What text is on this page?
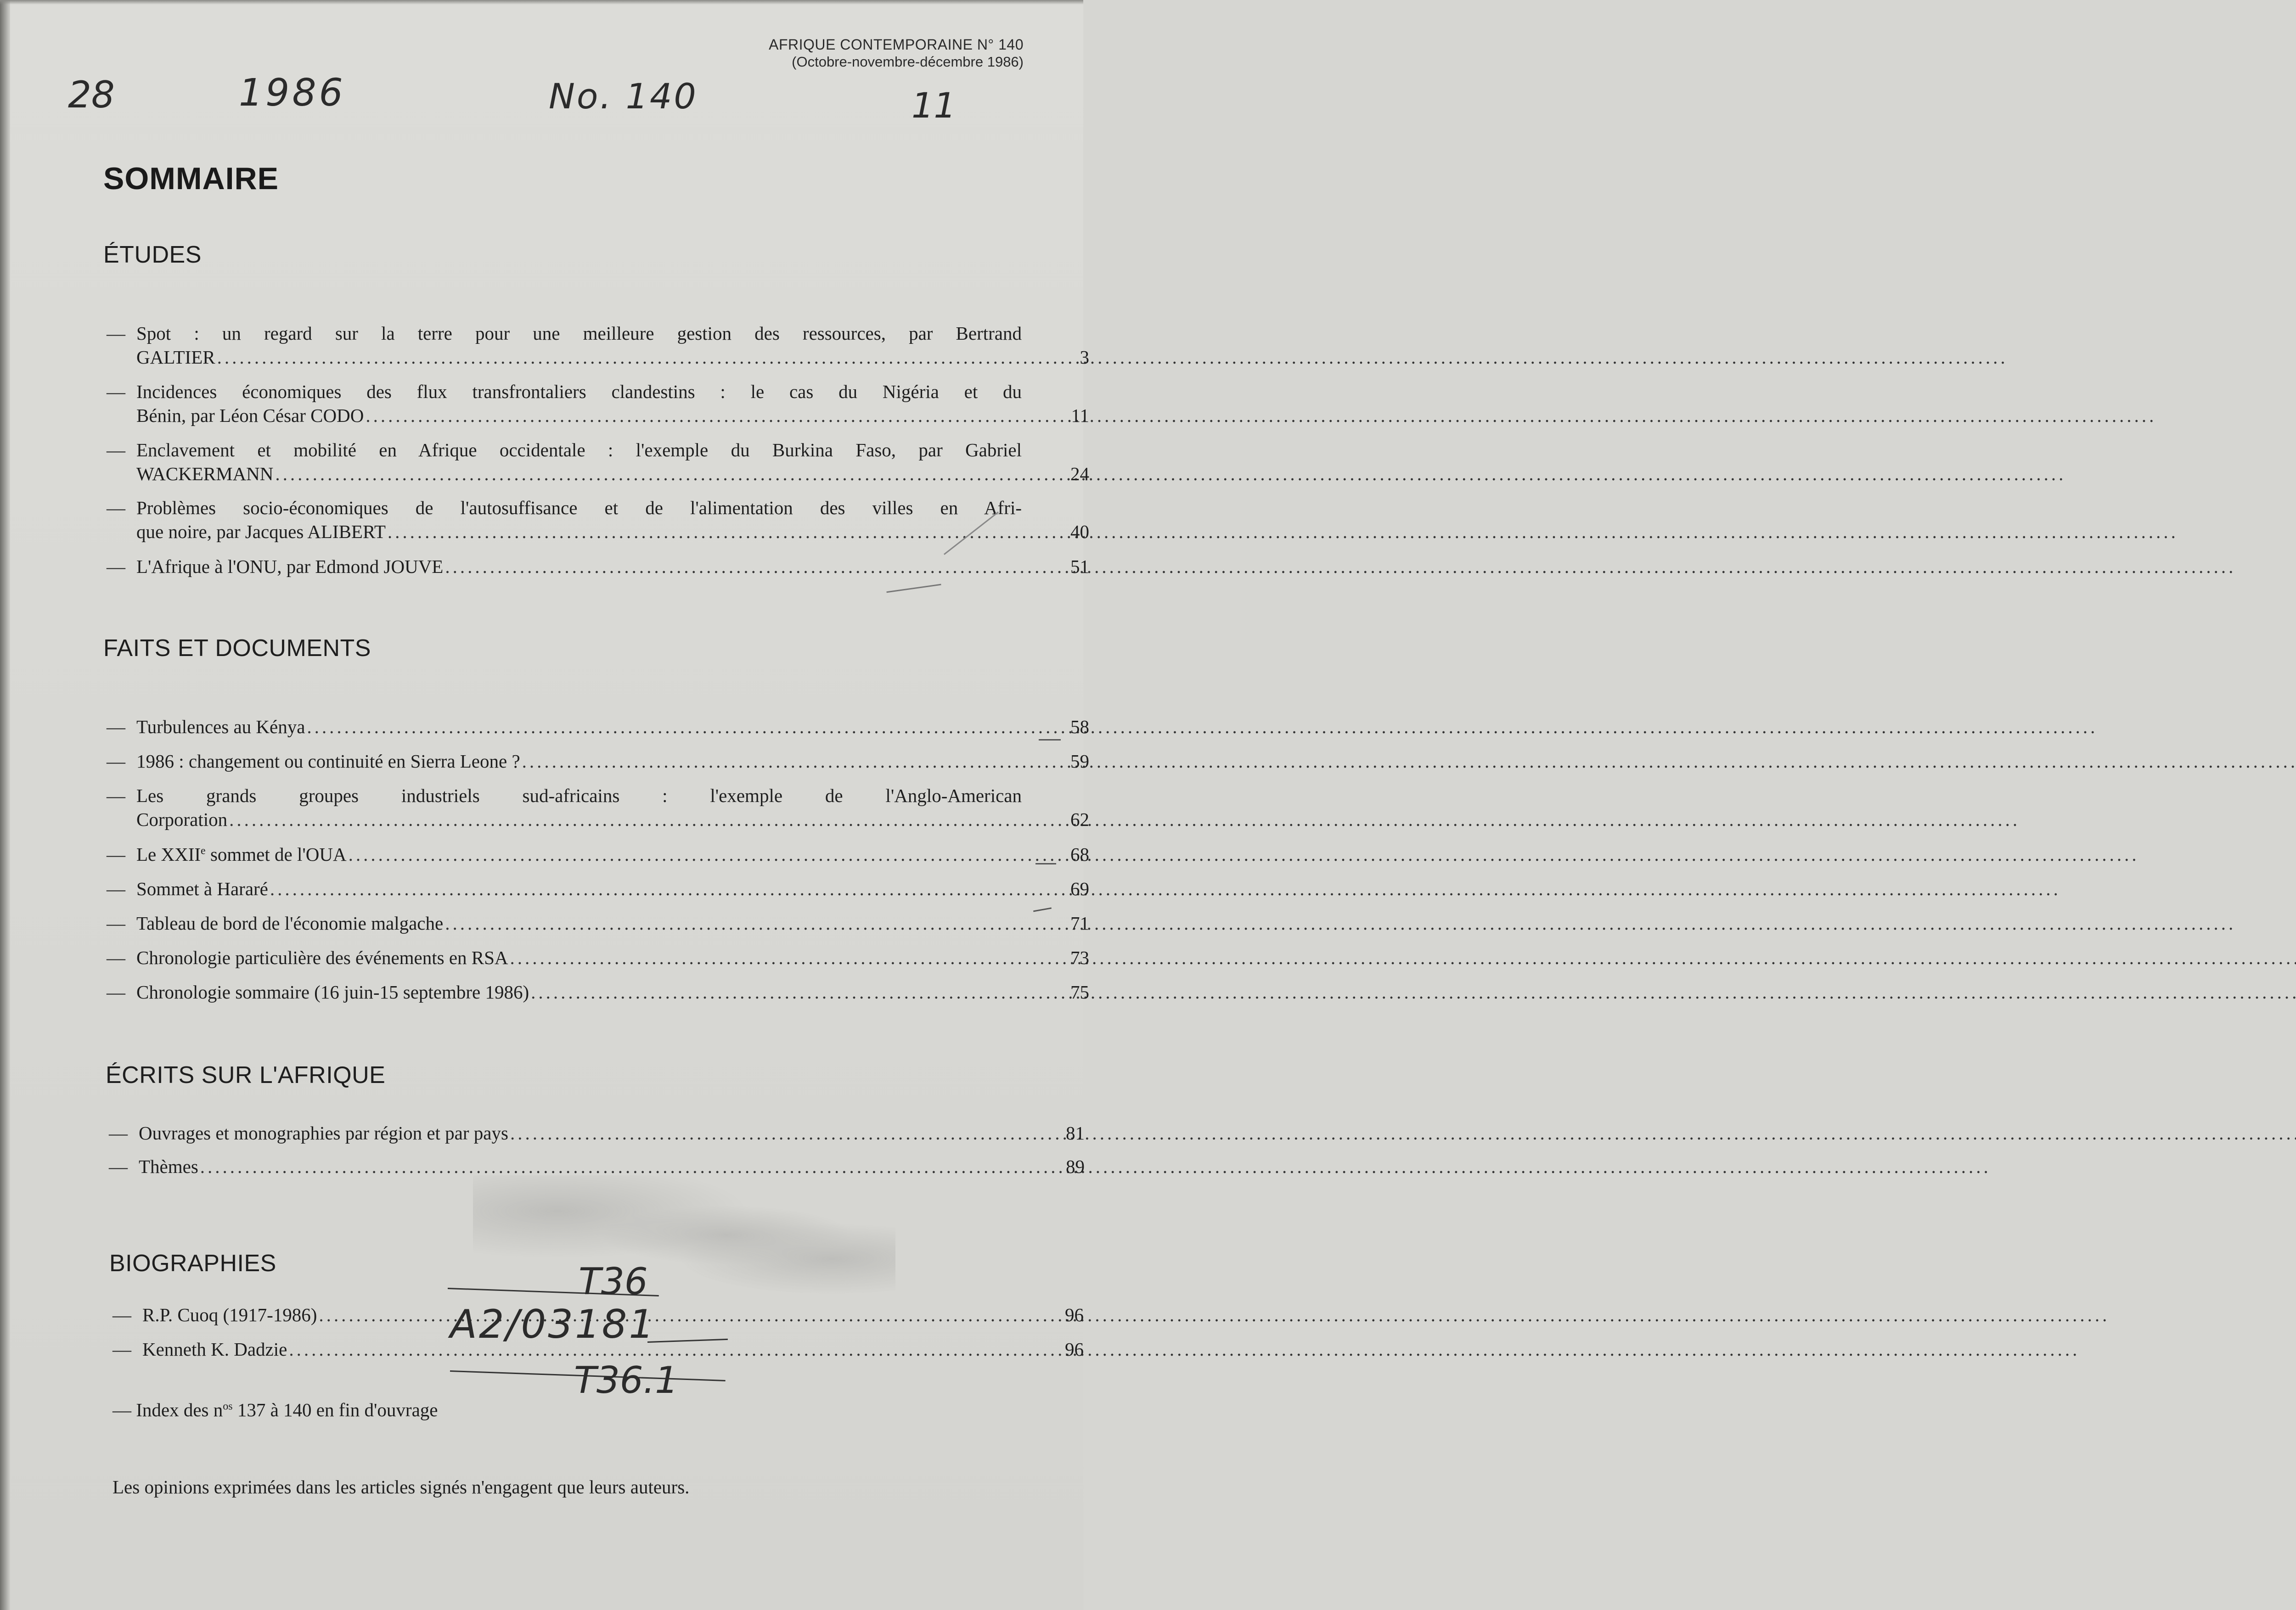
AFRIQUE CONTEMPORAINE N° 140
(Octobre-novembre-décembre 1986)
28	1986	No. 140	11
SOMMAIRE
ÉTUDES
— Spot : un regard sur la terre pour une meilleure gestion des ressources, par Bertrand
GALTIER .....	3
— Incidences économiques des flux transfrontaliers clandestins : le cas du Nigéria et du
Bénin, par Léon César CODO .....	11
— Enclavement et mobilité en Afrique occidentale : l'exemple du Burkina Faso, par Gabriel
WACKERMANN .....	24
— Problèmes socio-économiques de l'autosuffisance et de l'alimentation des villes en Afri-
que noire, par Jacques ALIBERT .....	40
— L'Afrique à l'ONU, par Edmond JOUVE .....	51
FAITS ET DOCUMENTS
— Turbulences au Kénya .....	58
— 1986 : changement ou continuité en Sierra Leone ? .....	59
— Les grands groupes industriels sud-africains : l'exemple de l'Anglo-American
Corporation .....	62
— Le XXIIe sommet de l'OUA .....	68
— Sommet à Hararé .....	69
— Tableau de bord de l'économie malgache .....	71
— Chronologie particulière des événements en RSA .....	73
— Chronologie sommaire (16 juin-15 septembre 1986) .....	75
ÉCRITS SUR L'AFRIQUE
— Ouvrages et monographies par région et par pays .....	81
— Thèmes .....	89
BIOGRAPHIES
— R.P. Cuoq (1917-1986) .....	96
— Kenneth K. Dadzie .....	96
— Index des $n^{os}$ 137 à 140 en fin d'ouvrage
Les opinions exprimées dans les articles signés n'engagent que leurs auteurs.
T36
A2/03181
T36.1
